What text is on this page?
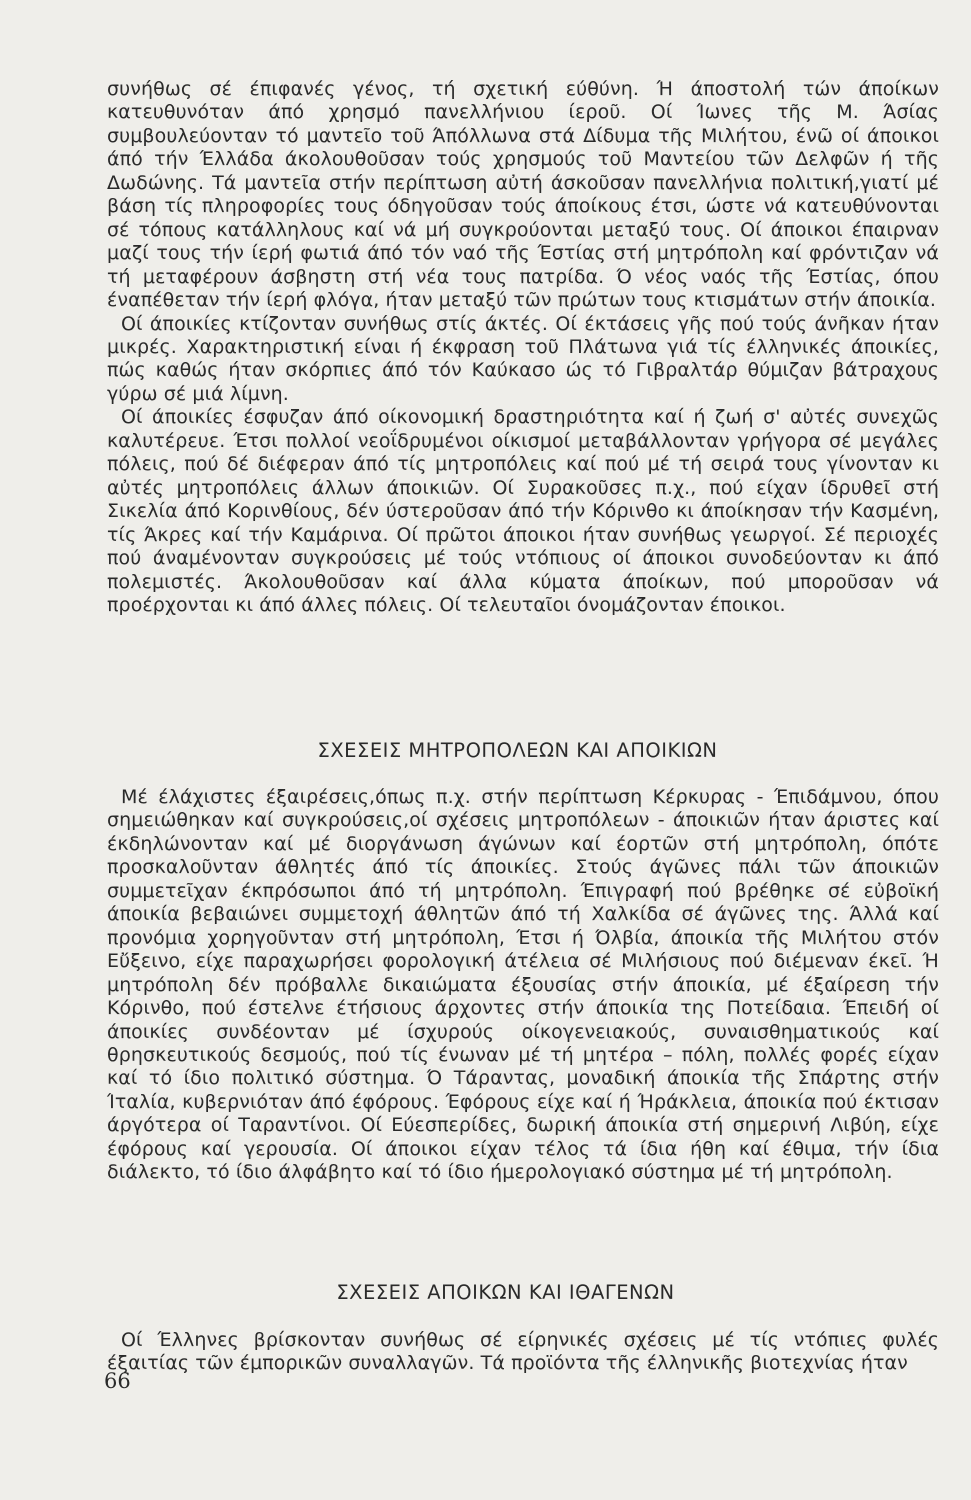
συνήθως σέ έπιφανές γένος, τή σχετική εύθύνη. Ή άποστολή τών άποίκων κατευθυνόταν άπό χρησμό πανελλήνιου ίεροῦ. Οί Ίωνες τῆς Μ. Άσίας συμβουλεύονταν τό μαντεῖο τοῦ Άπόλλωνα στά Δίδυμα τῆς Μιλήτου, ένῶ οί άποικοι άπό τήν Έλλάδα άκολουθοῦσαν τούς χρησμούς τοῦ Μαντείου τῶν Δελφῶν ή τῆς Δωδώνης. Τά μαντεῖα στήν περίπτωση αὐτή άσκοῦσαν πανελλήνια πολιτική,γιατί μέ βάση τίς πληροφορίες τους όδηγοῦσαν τούς άποίκους έτσι, ώστε νά κατευθύνονται σέ τόπους κατάλληλους καί νά μή συγκρούονται μεταξύ τους. Οί άποικοι έπαιρναν μαζί τους τήν ίερή φωτιά άπό τόν ναό τῆς Έστίας στή μητρόπολη καί φρόντιζαν νά τή μεταφέρουν άσβηστη στή νέα τους πατρίδα. Ό νέος ναός τῆς Έστίας, όπου έναπέθεταν τήν ίερή φλόγα, ήταν μεταξύ τῶν πρώτων τους κτισμάτων στήν άποικία.

Οί άποικίες κτίζονταν συνήθως στίς άκτές. Οί έκτάσεις γῆς πού τούς άνῆκαν ήταν μικρές. Χαρακτηριστική είναι ή έκφραση τοῦ Πλάτωνα γιά τίς έλληνικές άποικίες, πώς καθώς ήταν σκόρπιες άπό τόν Καύκασο ώς τό Γιβραλτάρ θύμιζαν βάτραχους γύρω σέ μιά λίμνη.

Οί άποικίες έσφυζαν άπό οίκονομική δραστηριότητα καί ή ζωή σ' αὐτές συνεχῶς καλυτέρευε. Έτσι πολλοί νεοΐδρυμένοι οίκισμοί μεταβάλλονταν γρήγορα σέ μεγάλες πόλεις, πού δέ διέφεραν άπό τίς μητροπόλεις καί πού μέ τή σειρά τους γίνονταν κι αὐτές μητροπόλεις άλλων άποικιῶν. Οί Συρακοῦσες π.χ., πού είχαν ίδρυθεῖ στή Σικελία άπό Κορινθίους, δέν ύστεροῦσαν άπό τήν Κόρινθο κι άποίκησαν τήν Κασμένη, τίς Άκρες καί τήν Καμάρινα. Οί πρῶτοι άποικοι ήταν συνήθως γεωργοί. Σέ περιοχές πού άναμένονταν συγκρούσεις μέ τούς ντόπιους οί άποικοι συνοδεύονταν κι άπό πολεμιστές. Άκολουθοῦσαν καί άλλα κύματα άποίκων, πού μποροῦσαν νά προέρχονται κι άπό άλλες πόλεις. Οί τελευταῖοι όνομάζονταν έποικοι.

ΣΧΕΣΕΙΣ ΜΗΤΡΟΠΟΛΕΩΝ ΚΑΙ ΑΠΟΙΚΙΩΝ

Μέ έλάχιστες έξαιρέσεις,όπως π.χ. στήν περίπτωση Κέρκυρας - Έπιδάμνου, όπου σημειώθηκαν καί συγκρούσεις,οί σχέσεις μητροπόλεων - άποικιῶν ήταν άριστες καί έκδηλώνονταν καί μέ διοργάνωση άγώνων καί έορτῶν στή μητρόπολη, όπότε προσκαλοῦνταν άθλητές άπό τίς άποικίες. Στούς άγῶνες πάλι τῶν άποικιῶν συμμετεῖχαν έκπρόσωποι άπό τή μητρόπολη. Έπιγραφή πού βρέθηκε σέ εὐβοϊκή άποικία βεβαιώνει συμμετοχή άθλητῶν άπό τή Χαλκίδα σέ άγῶνες της. Άλλά καί προνόμια χορηγοῦνταν στή μητρόπολη, Έτσι ή Όλβία, άποικία τῆς Μιλήτου στόν Εὔξεινο, είχε παραχωρήσει φορολογική άτέλεια σέ Μιλήσιους πού διέμεναν έκεῖ. Ή μητρόπολη δέν πρόβαλλε δικαιώματα έξουσίας στήν άποικία, μέ έξαίρεση τήν Κόρινθο, πού έστελνε έτήσιους άρχοντες στήν άποικία της Ποτείδαια. Έπειδή οί άποικίες συνδέονταν μέ ίσχυρούς οίκογενειακούς, συναισθηματικούς καί θρησκευτικούς δεσμούς, πού τίς ένωναν μέ τή μητέρα – πόλη, πολλές φορές είχαν καί τό ίδιο πολιτικό σύστημα. Ό Τάραντας, μοναδική άποικία τῆς Σπάρτης στήν Ίταλία, κυβερνιόταν άπό έφόρους. Έφόρους είχε καί ή Ήράκλεια, άποικία πού έκτισαν άργότερα οί Ταραντίνοι. Οί Εύεσπερίδες, δωρική άποικία στή σημερινή Λιβύη, είχε έφόρους καί γερουσία. Οί άποικοι είχαν τέλος τά ίδια ήθη καί έθιμα, τήν ίδια διάλεκτο, τό ίδιο άλφάβητο καί τό ίδιο ήμερολογιακό σύστημα μέ τή μητρόπολη.

ΣΧΕΣΕΙΣ ΑΠΟΙΚΩΝ ΚΑΙ ΙΘΑΓΕΝΩΝ

Οί Έλληνες βρίσκονταν συνήθως σέ είρηνικές σχέσεις μέ τίς ντόπιες φυλές έξαιτίας τῶν έμπορικῶν συναλλαγῶν. Τά προϊόντα τῆς έλληνικῆς βιοτεχνίας ήταν

66
